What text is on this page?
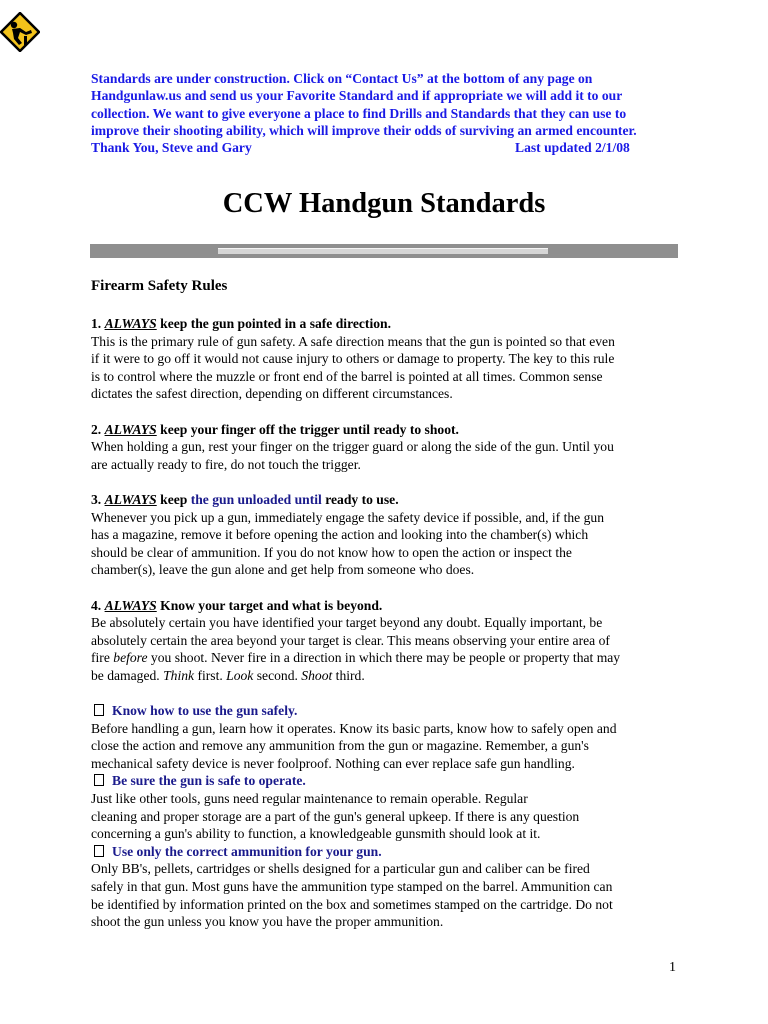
Standards are under construction. Click on “Contact Us” at the bottom of any page on
Handgunlaw.us and send us your Favorite Standard and if appropriate we will add it to our
collection. We want to give everyone a place to find Drills and Standards that they can use to
improve their shooting ability, which will improve their odds of surviving an armed encounter.
Thank You, Steve and Gary	Last updated 2/1/08
CCW Handgun Standards
Firearm Safety Rules
1. ALWAYS keep the gun pointed in a safe direction.
This is the primary rule of gun safety. A safe direction means that the gun is pointed so that even
if it were to go off it would not cause injury to others or damage to property. The key to this rule
is to control where the muzzle or front end of the barrel is pointed at all times. Common sense
dictates the safest direction, depending on different circumstances.
2. ALWAYS keep your finger off the trigger until ready to shoot.
When holding a gun, rest your finger on the trigger guard or along the side of the gun. Until you
are actually ready to fire, do not touch the trigger.
3. ALWAYS keep the gun unloaded until ready to use.
Whenever you pick up a gun, immediately engage the safety device if possible, and, if the gun
has a magazine, remove it before opening the action and looking into the chamber(s) which
should be clear of ammunition. If you do not know how to open the action or inspect the
chamber(s), leave the gun alone and get help from someone who does.
4. ALWAYS Know your target and what is beyond.
Be absolutely certain you have identified your target beyond any doubt. Equally important, be
absolutely certain the area beyond your target is clear. This means observing your entire area of
fire before you shoot. Never fire in a direction in which there may be people or property that may
be damaged. Think first. Look second. Shoot third.
Know how to use the gun safely.
Before handling a gun, learn how it operates. Know its basic parts, know how to safely open and
close the action and remove any ammunition from the gun or magazine. Remember, a gun's
mechanical safety device is never foolproof. Nothing can ever replace safe gun handling.
Be sure the gun is safe to operate.
Just like other tools, guns need regular maintenance to remain operable. Regular
cleaning and proper storage are a part of the gun's general upkeep. If there is any question
concerning a gun's ability to function, a knowledgeable gunsmith should look at it.
Use only the correct ammunition for your gun.
Only BB's, pellets, cartridges or shells designed for a particular gun and caliber can be fired
safely in that gun. Most guns have the ammunition type stamped on the barrel. Ammunition can
be identified by information printed on the box and sometimes stamped on the cartridge. Do not
shoot the gun unless you know you have the proper ammunition.
1
